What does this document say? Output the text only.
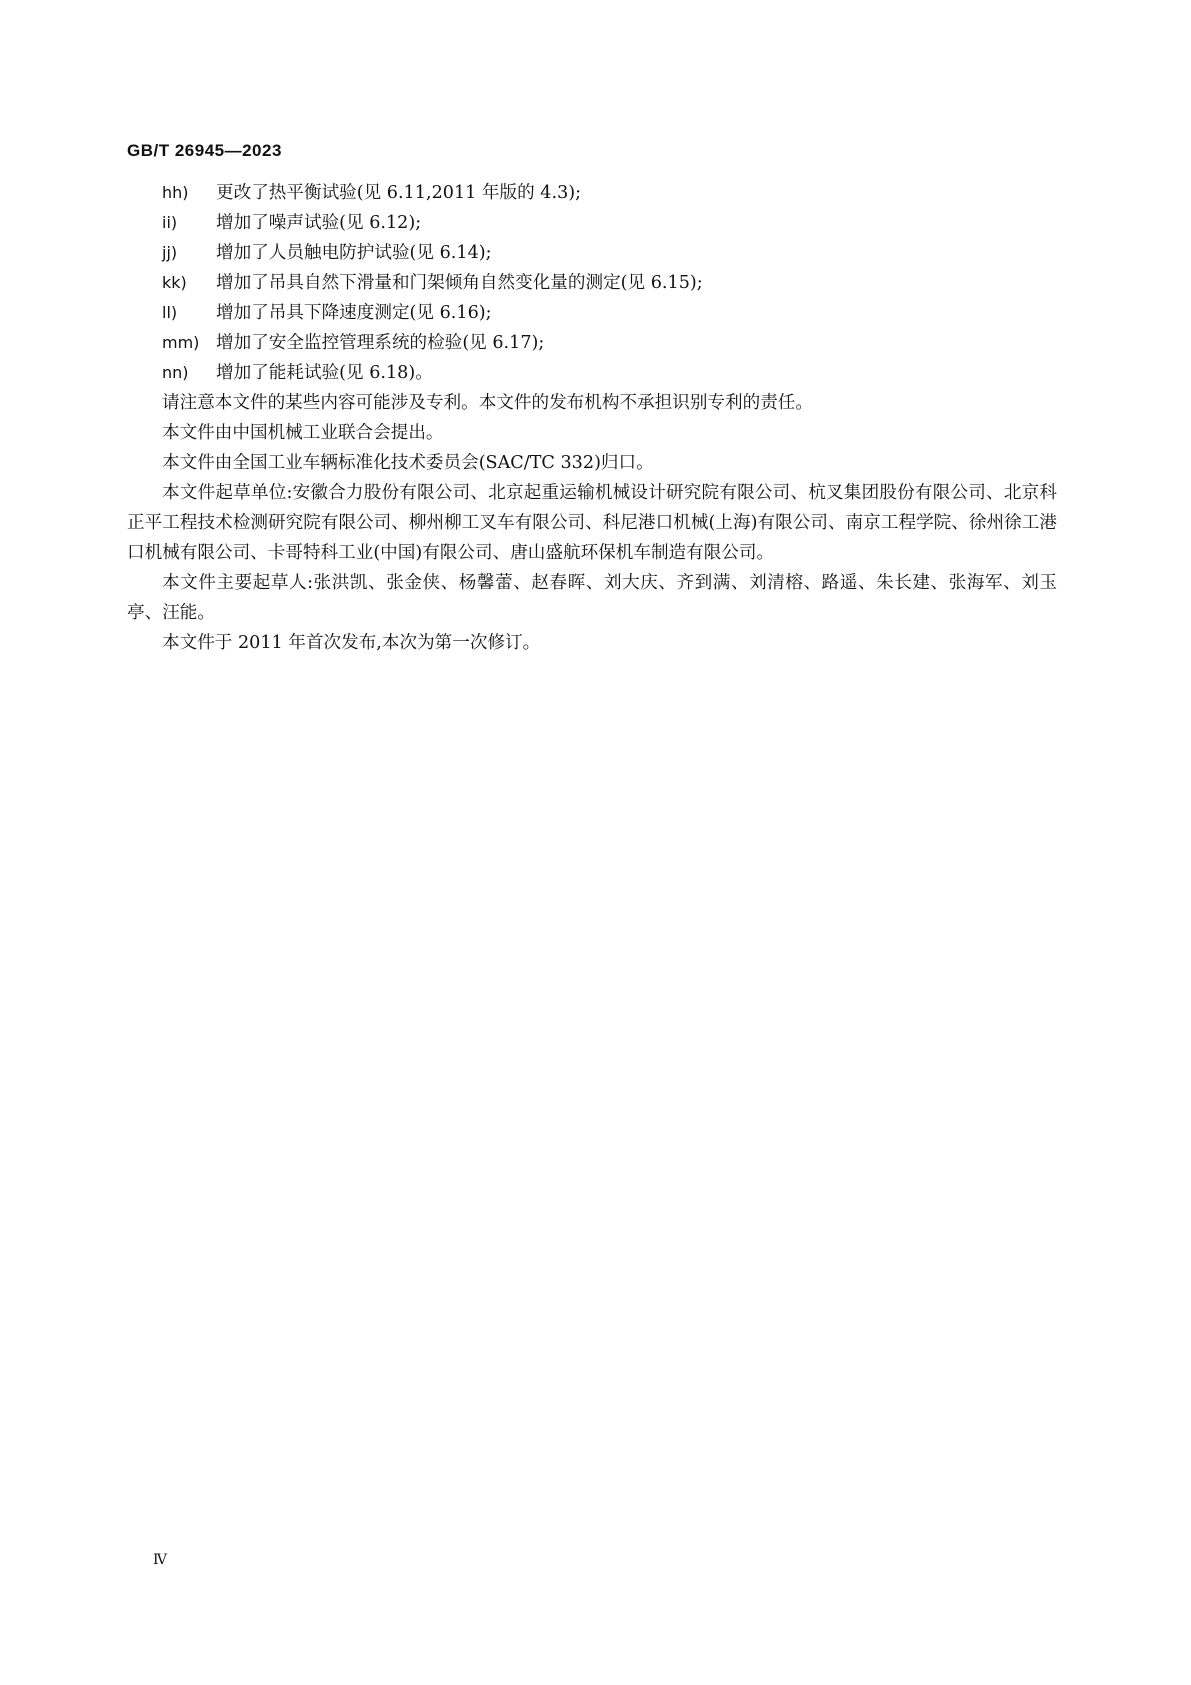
GB/T 26945—2023
hh)	更改了热平衡试验(见 6.11,2011 年版的 4.3);
ii)	增加了噪声试验(见 6.12);
jj)	增加了人员触电防护试验(见 6.14);
kk)	增加了吊具自然下滑量和门架倾角自然变化量的测定(见 6.15);
ll)	增加了吊具下降速度测定(见 6.16);
mm) 增加了安全监控管理系统的检验(见 6.17);
nn)	增加了能耗试验(见 6.18)。

请注意本文件的某些内容可能涉及专利。本文件的发布机构不承担识别专利的责任。

本文件由中国机械工业联合会提出。

本文件由全国工业车辆标准化技术委员会(SAC/TC 332)归口。

本文件起草单位:安徽合力股份有限公司、北京起重运输机械设计研究院有限公司、杭叉集团股份有限公司、北京科正平工程技术检测研究院有限公司、柳州柳工叉车有限公司、科尼港口机械(上海)有限公司、南京工程学院、徐州徐工港口机械有限公司、卡哥特科工业(中国)有限公司、唐山盛航环保机车制造有限公司。

本文件主要起草人:张洪凯、张金侠、杨馨蕾、赵春晖、刘大庆、齐到满、刘清榕、路遥、朱长建、张海军、刘玉亭、汪能。

本文件于 2011 年首次发布,本次为第一次修订。

Ⅳ
